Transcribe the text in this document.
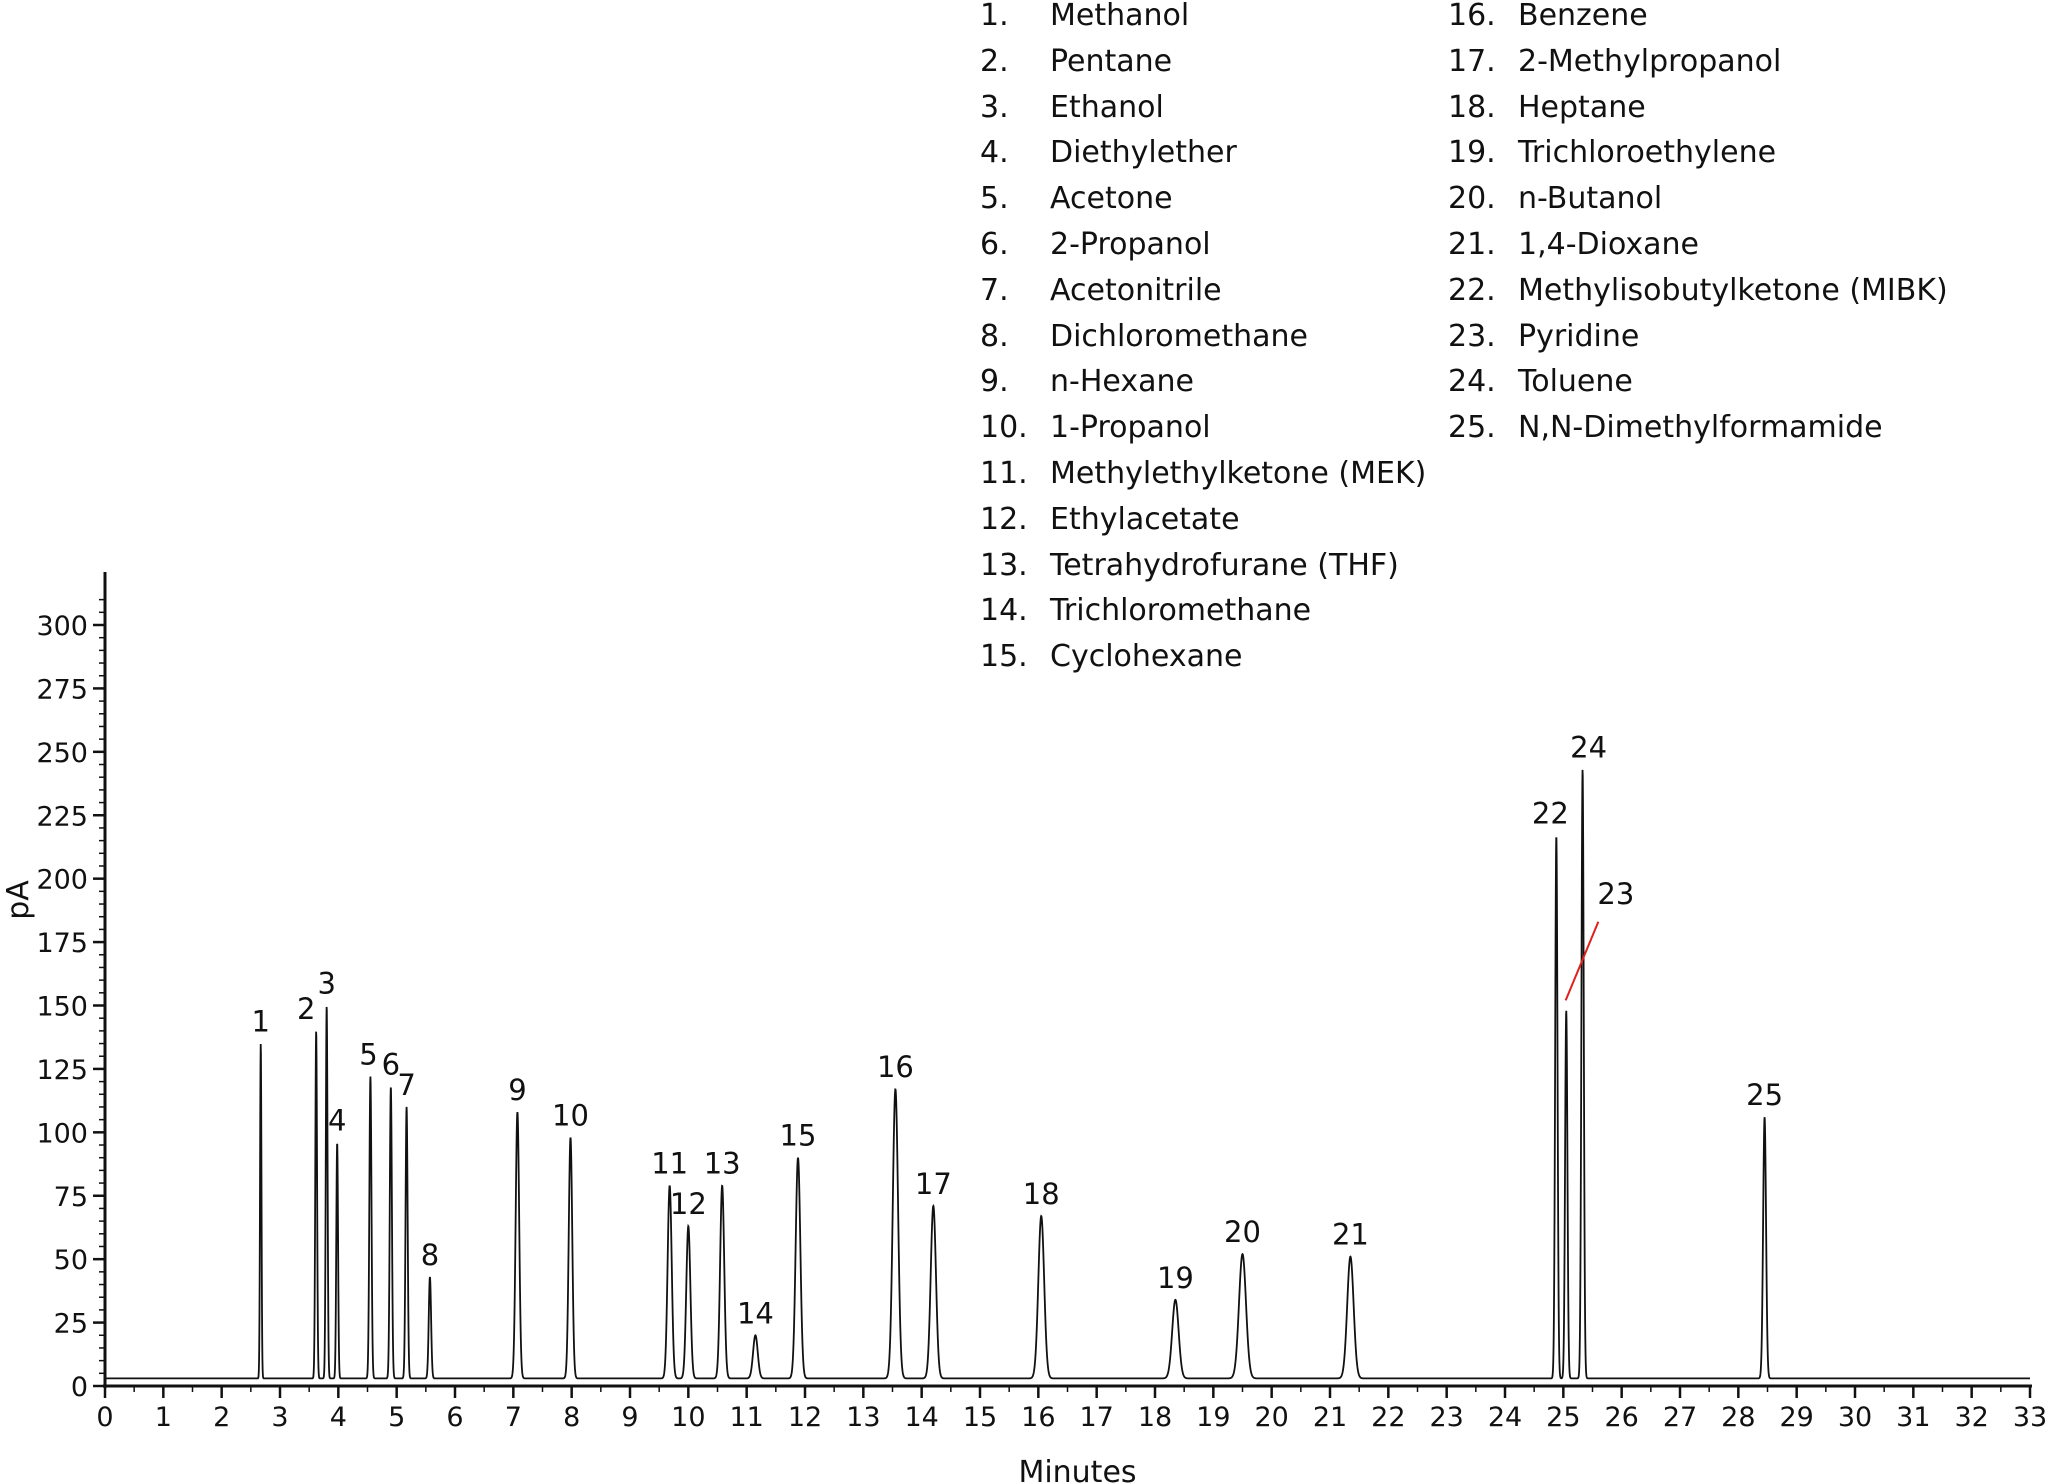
1. Methanol
2. Pentane
3. Ethanol
4. Diethylether
5. Acetone
6. 2-Propanol
7. Acetonitrile
8. Dichloromethane
9. n-Hexane
10. 1-Propanol
11. Methylethylketone (MEK)
12. Ethylacetate
13. Tetrahydrofurane (THF)
14. Trichloromethane
15. Cyclohexane
16. Benzene
17. 2-Methylpropanol
18. Heptane
19. Trichloroethylene
20. n-Butanol
21. 1,4-Dioxane
22. Methylisobutylketone (MIBK)
23. Pyridine
24. Toluene
25. N,N-Dimethylformamide
0
25
50
75
100
125
150
175
200
225
250
275
300
0 1 2 3 4 5 6 7 8 9 10 11 12 13 14 15 16 17 18 19 20 21 22 23 24 25 26 27 28 29 30 31 32 33
1 2
3
4
5 6
7
8
9
10
11
12
13
14
15
16
17 18
19
20 21
22
23
24
25
pA
Minutes
